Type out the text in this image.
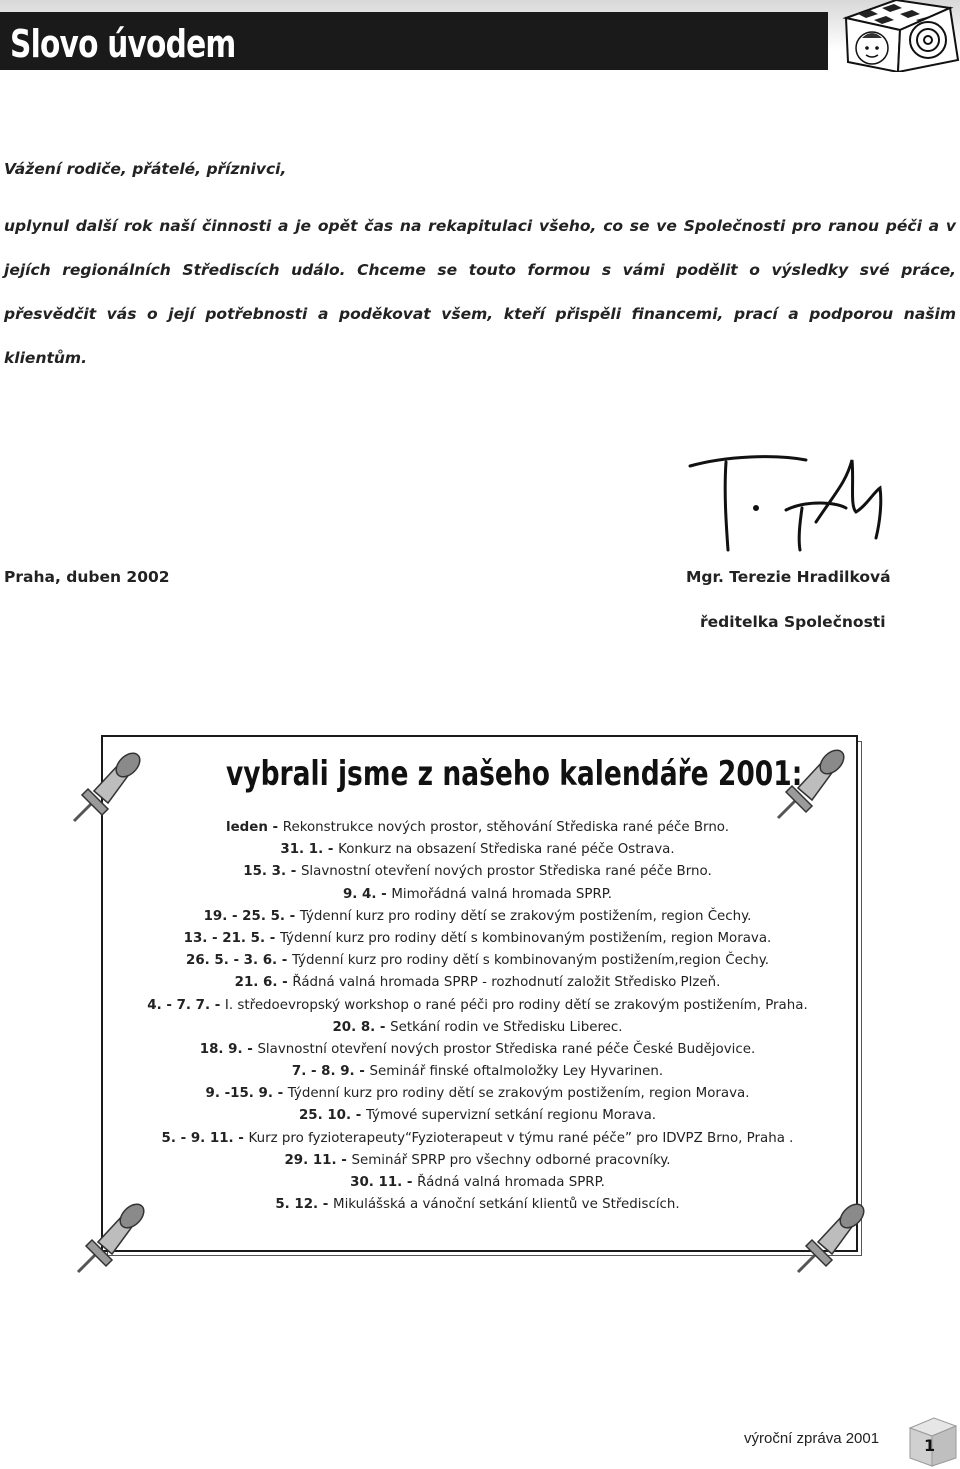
Slovo úvodem

Vážení rodiče, přátelé, příznivci,

uplynul další rok naší činnosti a je opět čas na rekapitulaci všeho, co se ve Společnosti pro ranou péči a v jejích regionálních Střediscích událo. Chceme se touto formou s vámi podělit o výsledky své práce, přesvědčit vás o její potřebnosti a poděkovat všem, kteří přispěli financemi, prací a podporou našim klientům.

Praha, duben 2002	Mgr. Terezie Hradilková

ředitelka Společnosti

vybrali jsme z našeho kalendáře 2001:
leden - Rekonstrukce nových prostor, stěhování Střediska rané péče Brno.
31. 1. - Konkurz na obsazení Střediska rané péče Ostrava.
15. 3. - Slavnostní otevření nových prostor Střediska rané péče Brno.
9. 4. - Mimořádná valná hromada SPRP.
19. - 25. 5. - Týdenní kurz pro rodiny dětí se zrakovým postižením, region Čechy.
13. - 21. 5. - Týdenní kurz pro rodiny dětí s kombinovaným postižením, region Morava.
26. 5. - 3. 6. - Týdenní kurz pro rodiny dětí s kombinovaným postižením,region Čechy.
21. 6. - Řádná valná hromada SPRP - rozhodnutí založit Středisko Plzeň.
4. - 7. 7. - I. středoevropský workshop o rané péči pro rodiny dětí se zrakovým postižením, Praha.
20. 8. - Setkání rodin ve Středisku Liberec.
18. 9. - Slavnostní otevření nových prostor Střediska rané péče České Budějovice.
7. - 8. 9. - Seminář finské oftalmoložky Ley Hyvarinen.
9. -15. 9. - Týdenní kurz pro rodiny dětí se zrakovým postižením, region Morava.
25. 10. - Týmové supervizní setkání regionu Morava.
5. - 9. 11. - Kurz pro fyzioterapeuty“Fyzioterapeut v týmu rané péče” pro IDVPZ Brno, Praha .
29. 11. - Seminář SPRP pro všechny odborné pracovníky.
30. 11. - Řádná valná hromada SPRP.
5. 12. - Mikulášská a vánoční setkání klientů ve Střediscích.

výroční zpráva 2001	1
